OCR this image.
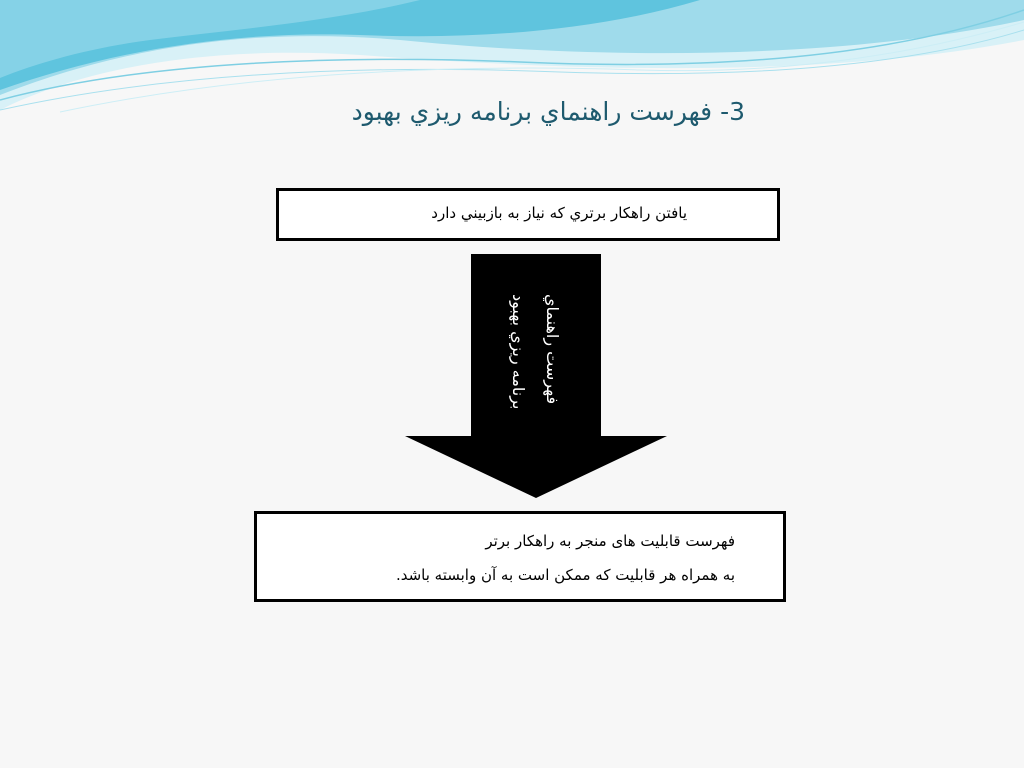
3- فهرست راهنماي برنامه ريزي بهبود
يافتن راهكار برتري كه نياز به بازبيني دارد
فهرست راهنماي
برنامه ريزي بهبود

فهرست قابلیت های منجر به راهکار برتر

به همراه هر قابلیت که ممکن است به آن وابسته باشد.
